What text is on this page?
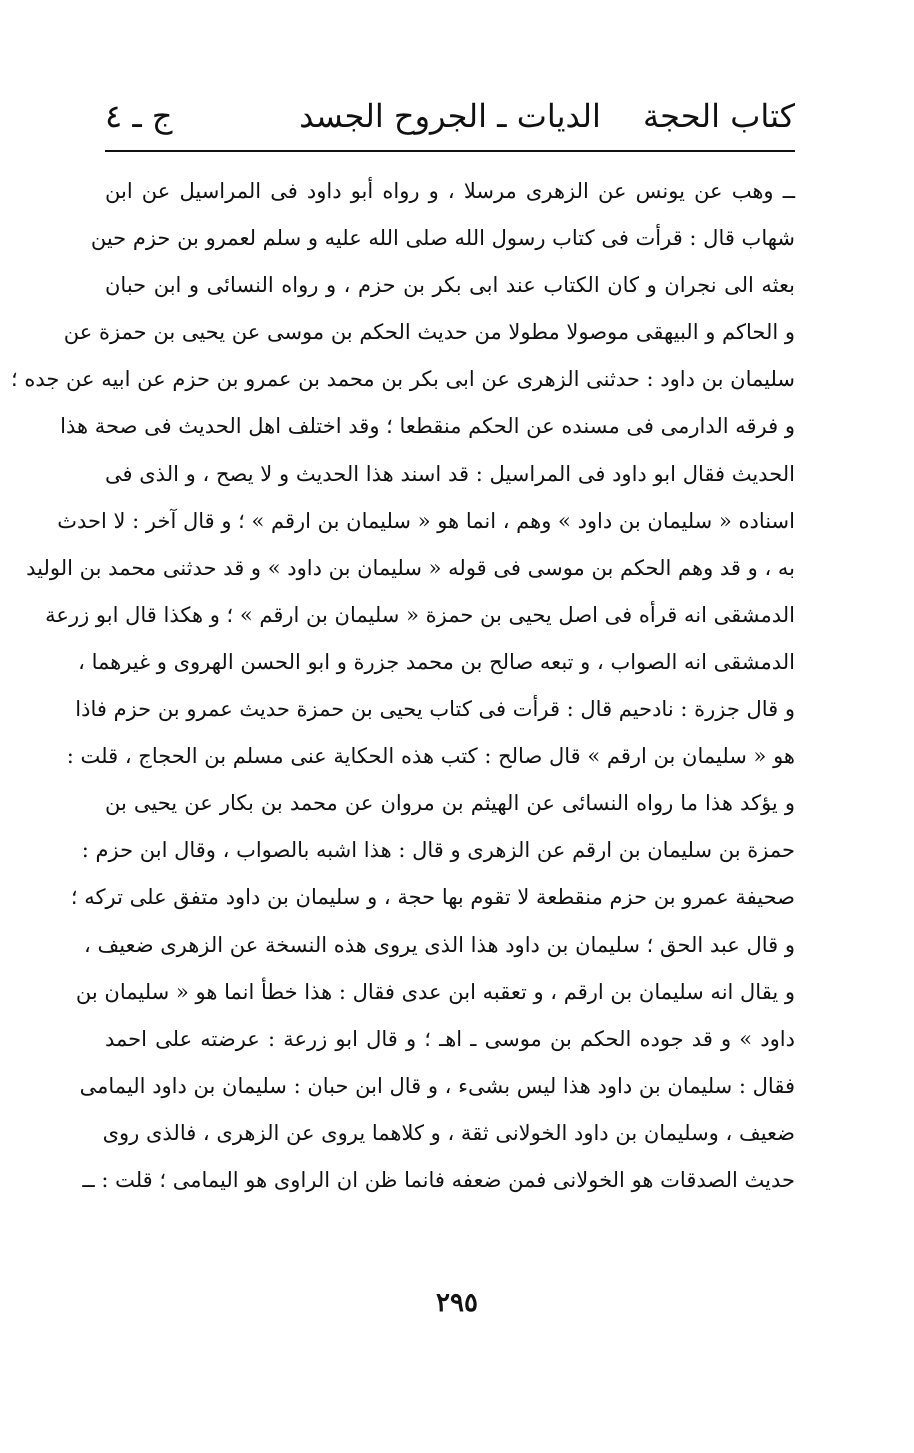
كتاب الحجة
الديات ـ الجروح الجسد
ج ـ ٤
ــ وهب عن يونس عن الزهرى مرسلا ، و رواه أبو داود فى المراسيل عن ابن
شهاب قال : قرأت فى كتاب رسول الله صلى الله عليه و سلم لعمرو بن حزم حين
بعثه الى نجران و كان الكتاب عند ابى بكر بن حزم ، و رواه النسائى و ابن حبان
و الحاكم و البيهقى موصولا مطولا من حديث الحكم بن موسى عن يحيى بن حمزة عن
سليمان بن داود : حدثنى الزهرى عن ابى بكر بن محمد بن عمرو بن حزم عن ابيه عن جده ؛
و فرقه الدارمى فى مسنده عن الحكم منقطعا ؛ وقد اختلف اهل الحديث فى صحة هذا
الحديث فقال ابو داود فى المراسيل : قد اسند هذا الحديث و لا يصح ، و الذى فى
اسناده « سليمان بن داود » وهم ، انما هو « سليمان بن ارقم » ؛ و قال آخر : لا احدث
به ، و قد وهم الحكم بن موسى فى قوله « سليمان بن داود » و قد حدثنى محمد بن الوليد
الدمشقى انه قرأه فى اصل يحيى بن حمزة « سليمان بن ارقم » ؛ و هكذا قال ابو زرعة
الدمشقى انه الصواب ، و تبعه صالح بن محمد جزرة و ابو الحسن الهروى و غيرهما ،
و قال جزرة : نادحيم قال : قرأت فى كتاب يحيى بن حمزة حديث عمرو بن حزم فاذا
هو « سليمان بن ارقم » قال صالح : كتب هذه الحكاية عنى مسلم بن الحجاج ، قلت :
و يؤكد هذا ما رواه النسائى عن الهيثم بن مروان عن محمد بن بكار عن يحيى بن
حمزة بن سليمان بن ارقم عن الزهرى و قال : هذا اشبه بالصواب ، وقال ابن حزم :
صحيفة عمرو بن حزم منقطعة لا تقوم بها حجة ، و سليمان بن داود متفق على تركه ؛
و قال عبد الحق ؛ سليمان بن داود هذا الذى يروى هذه النسخة عن الزهرى ضعيف ،
و يقال انه سليمان بن ارقم ، و تعقبه ابن عدى فقال : هذا خطأ انما هو « سليمان بن
داود » و قد جوده الحكم بن موسى ـ اهـ ؛ و قال ابو زرعة : عرضته على احمد
فقال : سليمان بن داود هذا ليس بشىء ، و قال ابن حبان : سليمان بن داود اليمامى
ضعيف ، وسليمان بن داود الخولانى ثقة ، و كلاهما يروى عن الزهرى ، فالذى روى
حديث الصدقات هو الخولانى فمن ضعفه فانما ظن ان الراوى هو اليمامى ؛ قلت : ــ
٢٩٥
